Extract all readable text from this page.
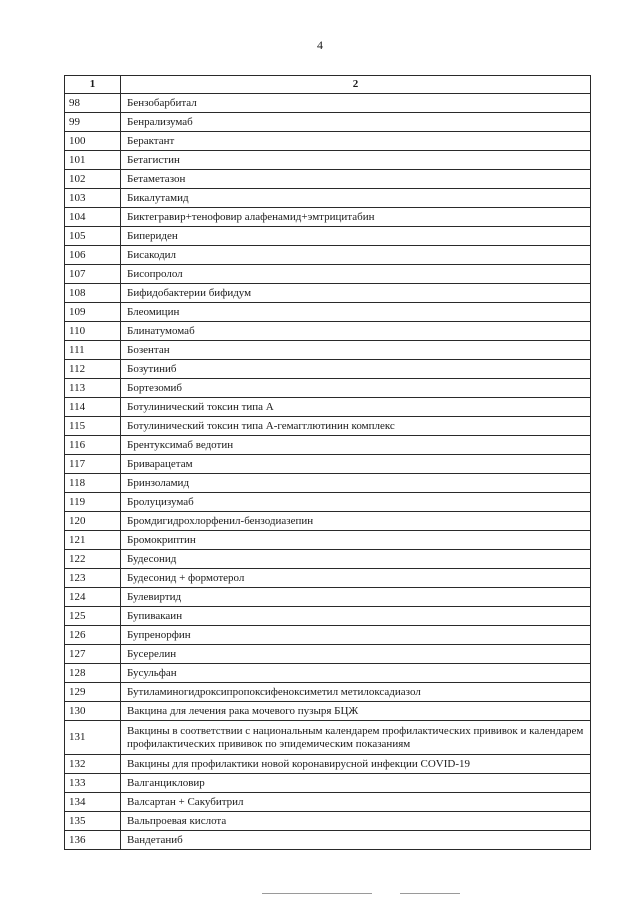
4
1	2
98	Бензобарбитал
99	Бенрализумаб
100	Берактант
101	Бетагистин
102	Бетаметазон
103	Бикалутамид
104	Биктегравир+тенофовир алафенамид+эмтрицитабин
105	Бипериден
106	Бисакодил
107	Бисопролол
108	Бифидобактерии бифидум
109	Блеомицин
110	Блинатумомаб
111	Бозентан
112	Бозутиниб
113	Бортезомиб
114	Ботулинический токсин типа А
115	Ботулинический токсин типа А-гемагглютинин комплекс
116	Брентуксимаб ведотин
117	Бриварацетам
118	Бринзоламид
119	Бролуцизумаб
120	Бромдигидрохлорфенил-бензодиазепин
121	Бромокриптин
122	Будесонид
123	Будесонид + формотерол
124	Булевиртид
125	Бупивакаин
126	Бупренорфин
127	Бусерелин
128	Бусульфан
129	Бутиламиногидроксипропоксифеноксиметил метилоксадиазол
130	Вакцина для лечения рака мочевого пузыря БЦЖ
131	Вакцины в соответствии с национальным календарем профилактических прививок и календарем профилактических прививок по эпидемическим показаниям
132	Вакцины для профилактики новой коронавирусной инфекции COVID-19
133	Валганцикловир
134	Валсартан + Сакубитрил
135	Вальпроевая кислота
136	Вандетаниб
